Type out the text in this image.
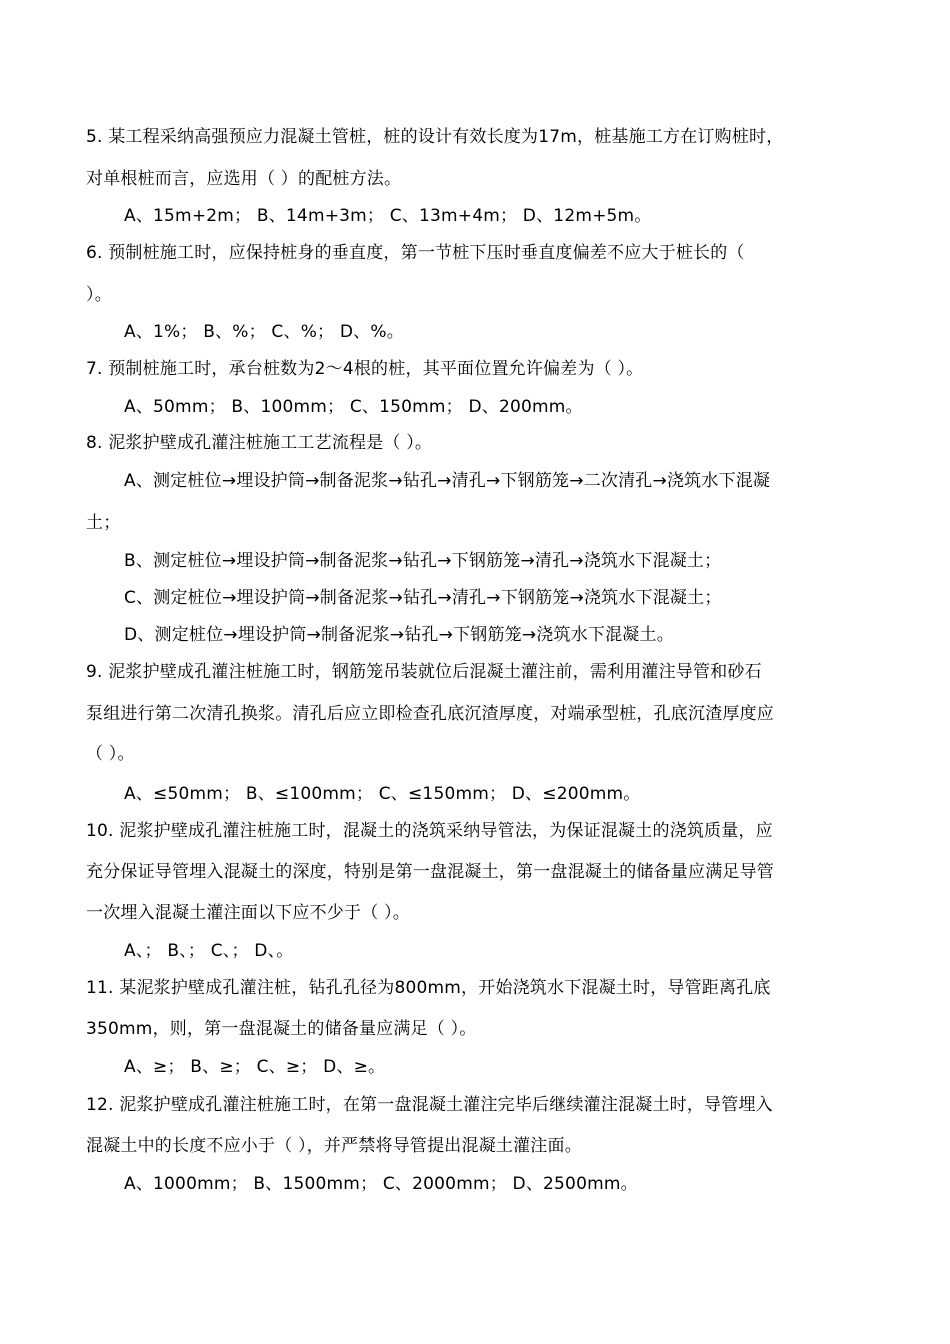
5. 某工程采纳高强预应力混凝土管桩，桩的设计有效长度为17m，桩基施工方在订购桩时，
对单根桩而言，应选用（ ）的配桩方法。
A、15m+2m； B、14m+3m； C、13m+4m； D、12m+5m。
6. 预制桩施工时，应保持桩身的垂直度，第一节桩下压时垂直度偏差不应大于桩长的（
）。
A、1%； B、%； C、%； D、%。
7. 预制桩施工时，承台桩数为2～4根的桩，其平面位置允许偏差为（ ）。
A、50mm； B、100mm； C、150mm； D、200mm。
8. 泥浆护壁成孔灌注桩施工工艺流程是（ ）。
A、测定桩位→埋设护筒→制备泥浆→钻孔→清孔→下钢筋笼→二次清孔→浇筑水下混凝
土；
B、测定桩位→埋设护筒→制备泥浆→钻孔→下钢筋笼→清孔→浇筑水下混凝土；
C、测定桩位→埋设护筒→制备泥浆→钻孔→清孔→下钢筋笼→浇筑水下混凝土；
D、测定桩位→埋设护筒→制备泥浆→钻孔→下钢筋笼→浇筑水下混凝土。
9. 泥浆护壁成孔灌注桩施工时，钢筋笼吊装就位后混凝土灌注前，需利用灌注导管和砂石
泵组进行第二次清孔换浆。清孔后应立即检查孔底沉渣厚度，对端承型桩，孔底沉渣厚度应
（ ）。
A、≤50mm； B、≤100mm； C、≤150mm； D、≤200mm。
10. 泥浆护壁成孔灌注桩施工时，混凝土的浇筑采纳导管法，为保证混凝土的浇筑质量，应
充分保证导管埋入混凝土的深度，特别是第一盘混凝土，第一盘混凝土的储备量应满足导管
一次埋入混凝土灌注面以下应不少于（ ）。
A、； B、； C、； D、。
11. 某泥浆护壁成孔灌注桩，钻孔孔径为800mm，开始浇筑水下混凝土时，导管距离孔底
350mm，则，第一盘混凝土的储备量应满足（ ）。
A、≥； B、≥； C、≥； D、≥。
12. 泥浆护壁成孔灌注桩施工时，在第一盘混凝土灌注完毕后继续灌注混凝土时，导管埋入
混凝土中的长度不应小于（ ），并严禁将导管提出混凝土灌注面。
A、1000mm； B、1500mm； C、2000mm； D、2500mm。
